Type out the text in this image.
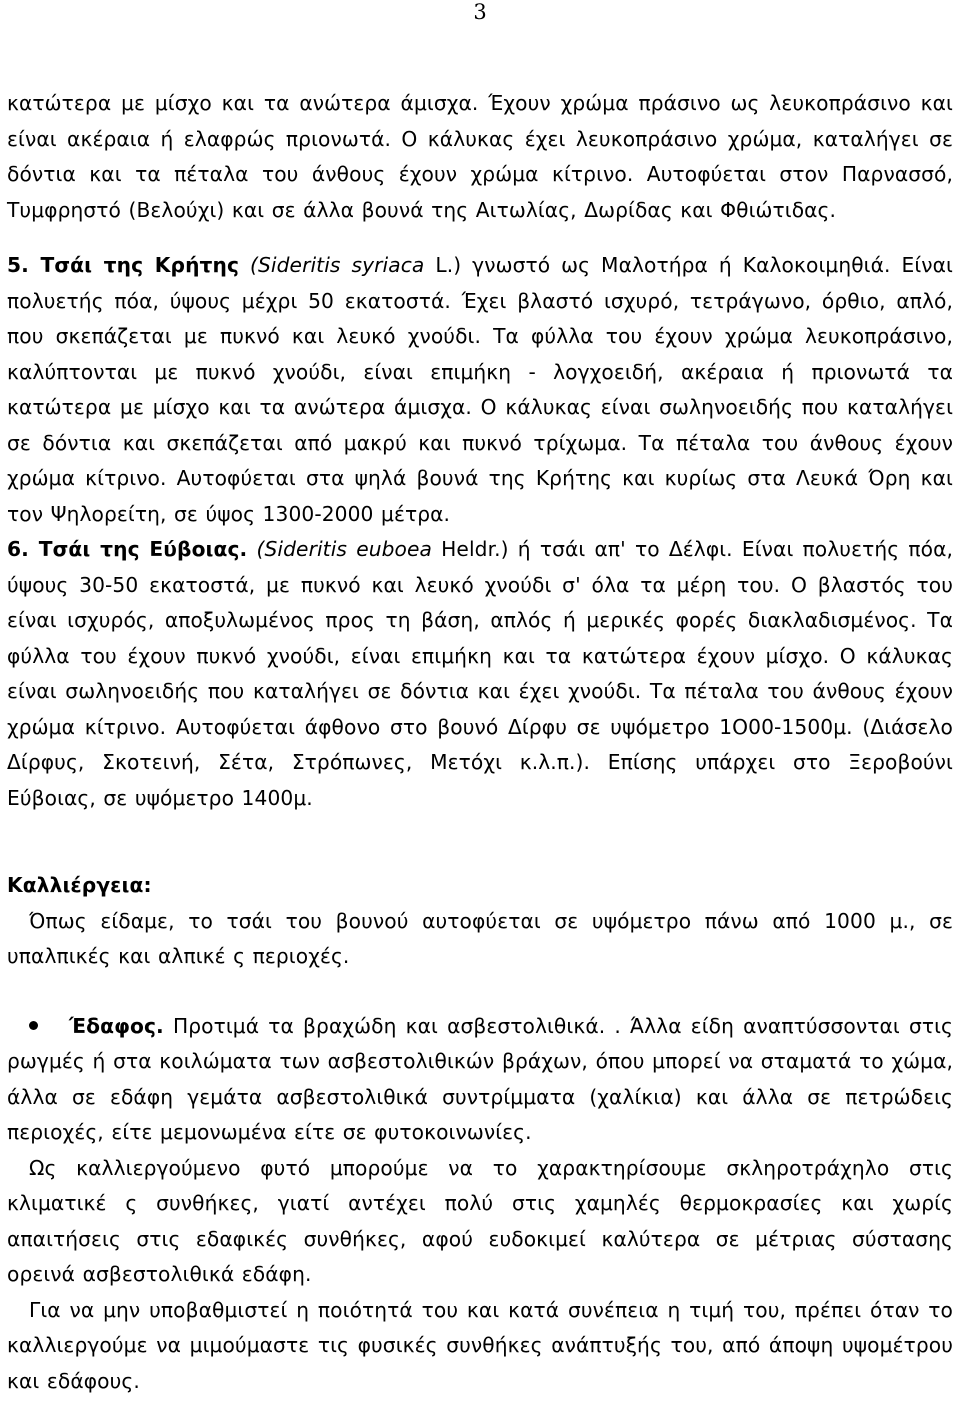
3

κατώτερα με μίσχο και τα ανώτερα άμισχα. Έχουν χρώμα πράσινο ως λευκοπράσινο και είναι ακέραια ή ελαφρώς πριονωτά. Ο κάλυκας έχει λευκοπράσινο χρώμα, καταλήγει σε δόντια και τα πέταλα του άνθους έχουν χρώμα κίτρινο. Αυτοφύεται στον Παρνασσό, Τυμφρηστό (Βελούχι) και σε άλλα βουνά της Αιτωλίας, Δωρίδας και Φθιώτιδας.

5. Τσάι της Κρήτης (Sideritis syriaca L.) γνωστό ως Μαλοτήρα ή Καλοκοιμηθιά. Είναι πολυετής πόα, ύψους μέχρι 50 εκατοστά. Έχει βλαστό ισχυρό, τετράγωνο, όρθιο, απλό, που σκεπάζεται με πυκνό και λευκό χνούδι. Τα φύλλα του έχουν χρώμα λευκοπράσινο, καλύπτονται με πυκνό χνούδι, είναι επιμήκη - λογχοειδή, ακέραια ή πριονωτά τα κατώτερα με μίσχο και τα ανώτερα άμισχα. Ο κάλυκας είναι σωληνοειδής που καταλήγει σε δόντια και σκεπάζεται από μακρύ και πυκνό τρίχωμα. Τα πέταλα του άνθους έχουν χρώμα κίτρινο. Αυτοφύεται στα ψηλά βουνά της Κρήτης και κυρίως στα Λευκά Όρη και τον Ψηλορείτη, σε ύψος 1300-2000 μέτρα.

6. Τσάι της Εύβοιας. (Sideritis euboea Heldr.) ή τσάι απ' το Δέλφι. Είναι πολυετής πόα, ύψους 30-50 εκατοστά, με πυκνό και λευκό χνούδι σ' όλα τα μέρη του. Ο βλαστός του είναι ισχυρός, αποξυλωμένος προς τη βάση, απλός ή μερικές φορές διακλαδισμένος. Τα φύλλα του έχουν πυκνό χνούδι, είναι επιμήκη και τα κατώτερα έχουν μίσχο. Ο κάλυκας είναι σωληνοειδής που καταλήγει σε δόντια και έχει χνούδι. Τα πέταλα του άνθους έχουν χρώμα κίτρινο. Αυτοφύεται άφθονο στο βουνό Δίρφυ σε υψόμετρο 1Ο00-1500μ. (Διάσελο Δίρφυς, Σκοτεινή, Σέτα, Στρόπωνες, Μετόχι κ.λ.π.). Επίσης υπάρχει στο Ξεροβούνι Εύβοιας, σε υψόμετρο 1400μ.

Καλλιέργεια:

Όπως είδαμε, το τσάι του βουνού αυτοφύεται σε υψόμετρο πάνω από 1000 μ., σε υπαλπικές και αλπικέ ς περιοχές.

Έδαφος. Προτιμά τα βραχώδη και ασβεστολιθικά. . Άλλα είδη αναπτύσσονται στις ρωγμές ή στα κοιλώματα των ασβεστολιθικών βράχων, όπου μπορεί να σταματά το χώμα, άλλα σε εδάφη γεμάτα ασβεστολιθικά συντρίμματα (χαλίκια) και άλλα σε πετρώδεις περιοχές, είτε μεμονωμένα είτε σε φυτοκοινωνίες.

Ως καλλιεργούμενο φυτό μπορούμε να το χαρακτηρίσουμε σκληροτράχηλο στις κλιματικέ ς συνθήκες, γιατί αντέχει πολύ στις χαμηλές θερμοκρασίες και χωρίς απαιτήσεις στις εδαφικές συνθήκες, αφού ευδοκιμεί καλύτερα σε μέτριας σύστασης ορεινά ασβεστολιθικά εδάφη.

Για να μην υποβαθμιστεί η ποιότητά του και κατά συνέπεια η τιμή του, πρέπει όταν το καλλιεργούμε να μιμούμαστε τις φυσικές συνθήκες ανάπτυξής του, από άποψη υψομέτρου και εδάφους.
